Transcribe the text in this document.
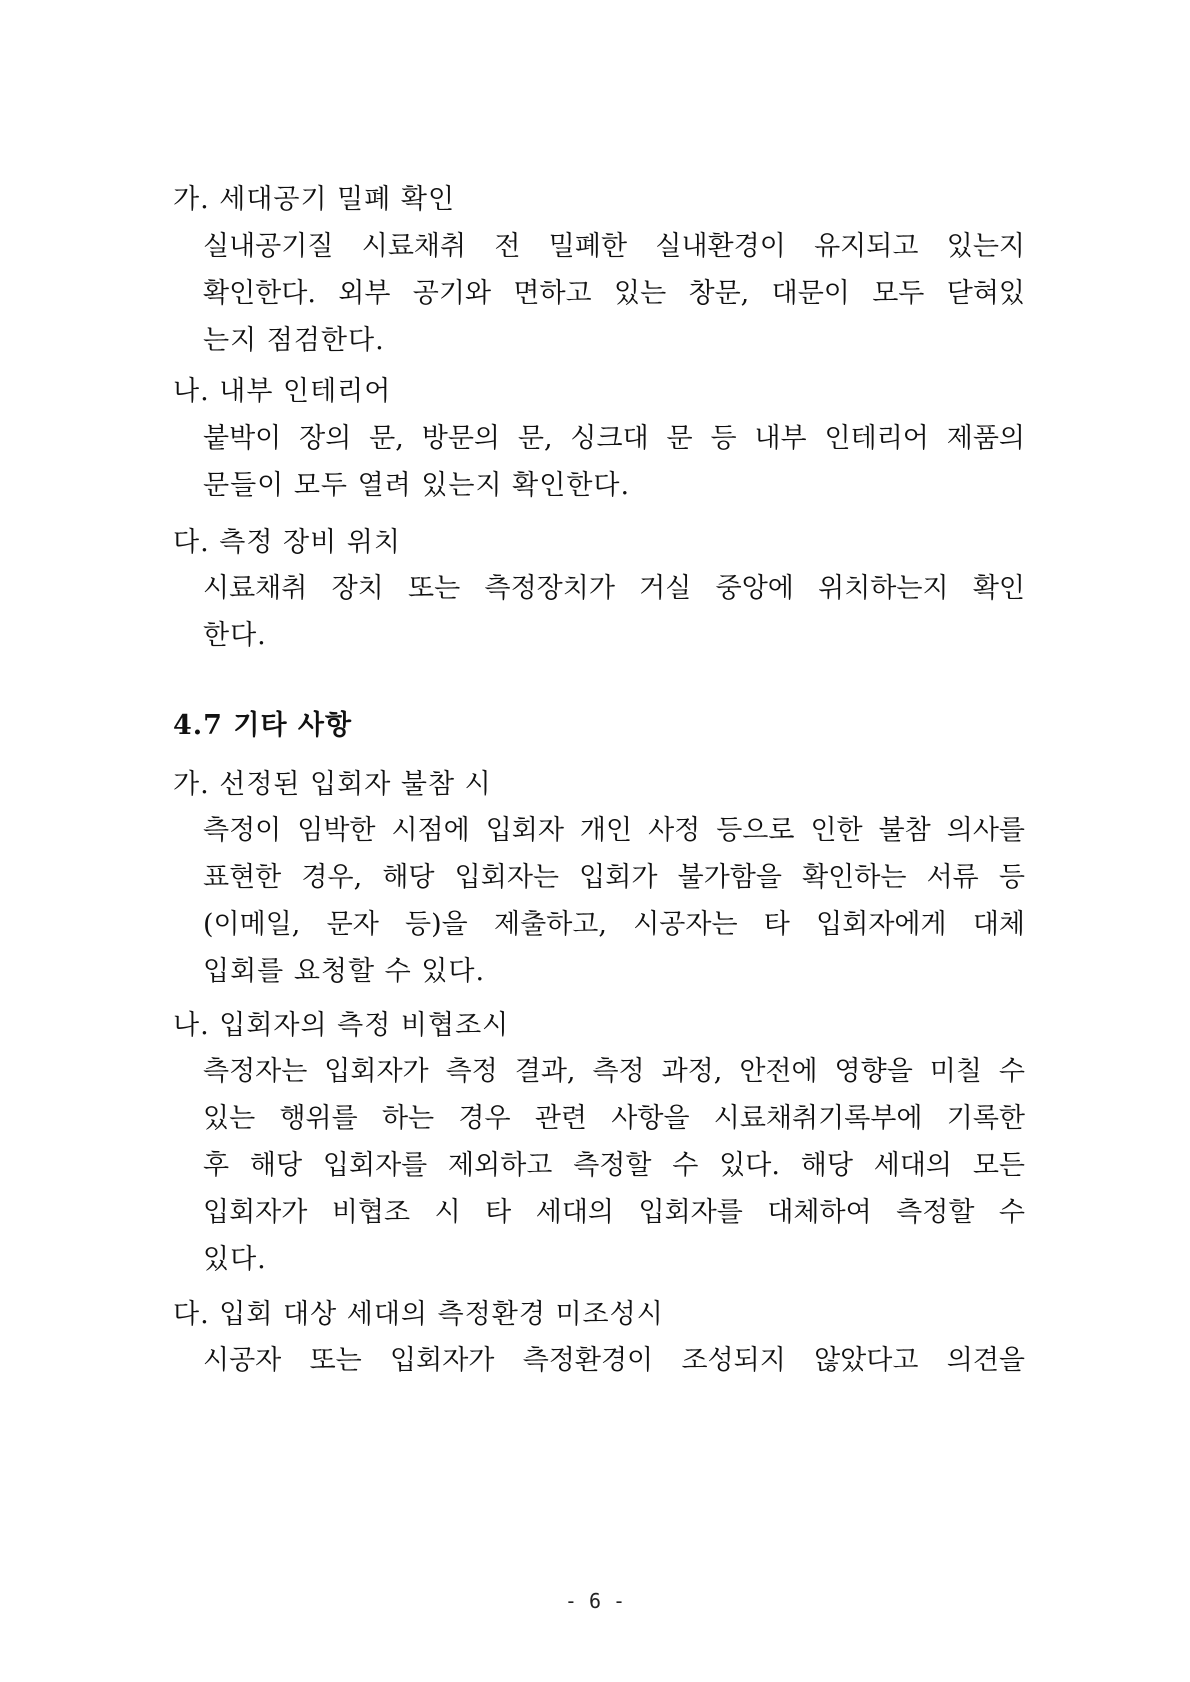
가. 세대공기 밀폐 확인
실내공기질 시료채취 전 밀폐한 실내환경이 유지되고 있는지
확인한다. 외부 공기와 면하고 있는 창문, 대문이 모두 닫혀있
는지 점검한다.
나. 내부 인테리어
붙박이 장의 문, 방문의 문, 싱크대 문 등 내부 인테리어 제품의
문들이 모두 열려 있는지 확인한다.
다. 측정 장비 위치
시료채취 장치 또는 측정장치가 거실 중앙에 위치하는지 확인
한다.
4.7 기타 사항
가. 선정된 입회자 불참 시
측정이 임박한 시점에 입회자 개인 사정 등으로 인한 불참 의사를
표현한 경우, 해당 입회자는 입회가 불가함을 확인하는 서류 등
(이메일, 문자 등)을 제출하고, 시공자는 타 입회자에게 대체
입회를 요청할 수 있다.
나. 입회자의 측정 비협조시
측정자는 입회자가 측정 결과, 측정 과정, 안전에 영향을 미칠 수
있는 행위를 하는 경우 관련 사항을 시료채취기록부에 기록한
후 해당 입회자를 제외하고 측정할 수 있다. 해당 세대의 모든
입회자가 비협조 시 타 세대의 입회자를 대체하여 측정할 수
있다.
다. 입회 대상 세대의 측정환경 미조성시
시공자 또는 입회자가 측정환경이 조성되지 않았다고 의견을
- 6 -
